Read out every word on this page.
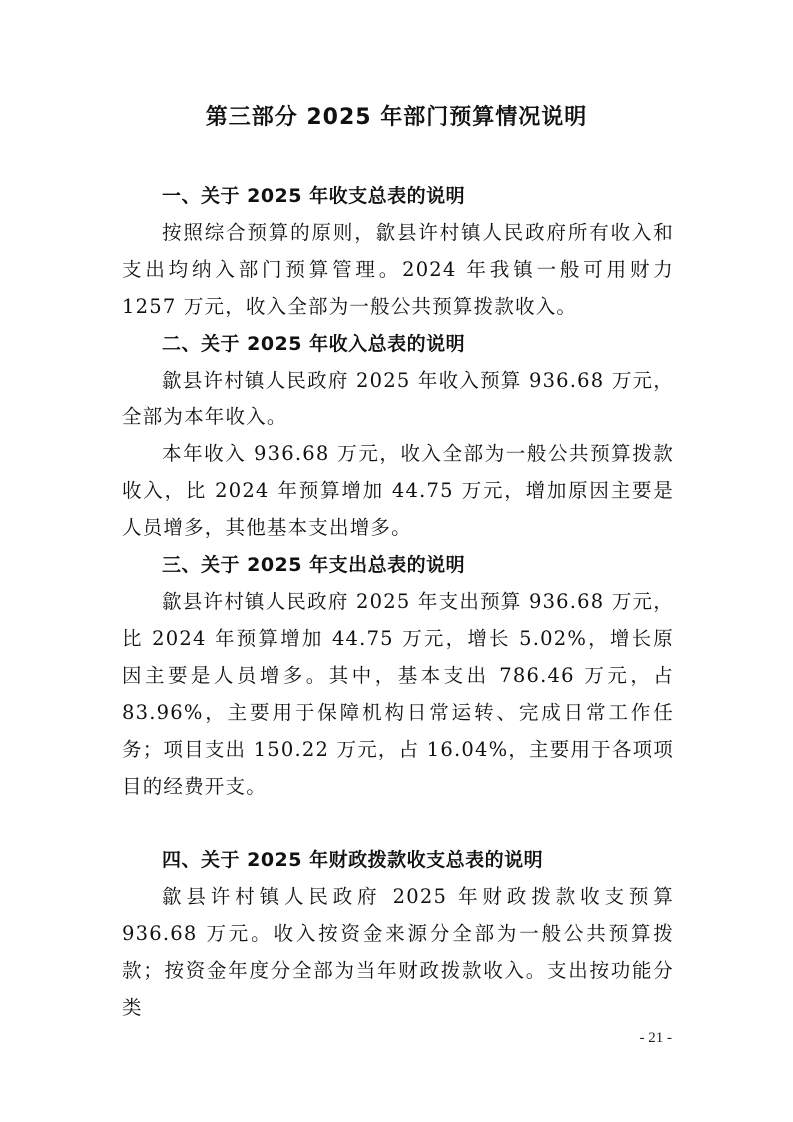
第三部分 2025 年部门预算情况说明

一、关于 2025 年收支总表的说明

按照综合预算的原则，歙县许村镇人民政府所有收入和支出均纳入部门预算管理。2024 年我镇一般可用财力 1257 万元，收入全部为一般公共预算拨款收入。

二、关于 2025 年收入总表的说明

歙县许村镇人民政府 2025 年收入预算 936.68 万元，全部为本年收入。

本年收入 936.68 万元，收入全部为一般公共预算拨款收入，比 2024 年预算增加 44.75 万元，增加原因主要是人员增多，其他基本支出增多。

三、关于 2025 年支出总表的说明

歙县许村镇人民政府 2025 年支出预算 936.68 万元，比 2024 年预算增加 44.75 万元，增长 5.02%，增长原因主要是人员增多。其中，基本支出 786.46 万元，占 83.96%，主要用于保障机构日常运转、完成日常工作任务；项目支出 150.22 万元，占 16.04%，主要用于各项项目的经费开支。

四、关于 2025 年财政拨款收支总表的说明

歙县许村镇人民政府 2025 年财政拨款收支预算 936.68 万元。收入按资金来源分全部为一般公共预算拨款；按资金年度分全部为当年财政拨款收入。支出按功能分类

- 21 -
